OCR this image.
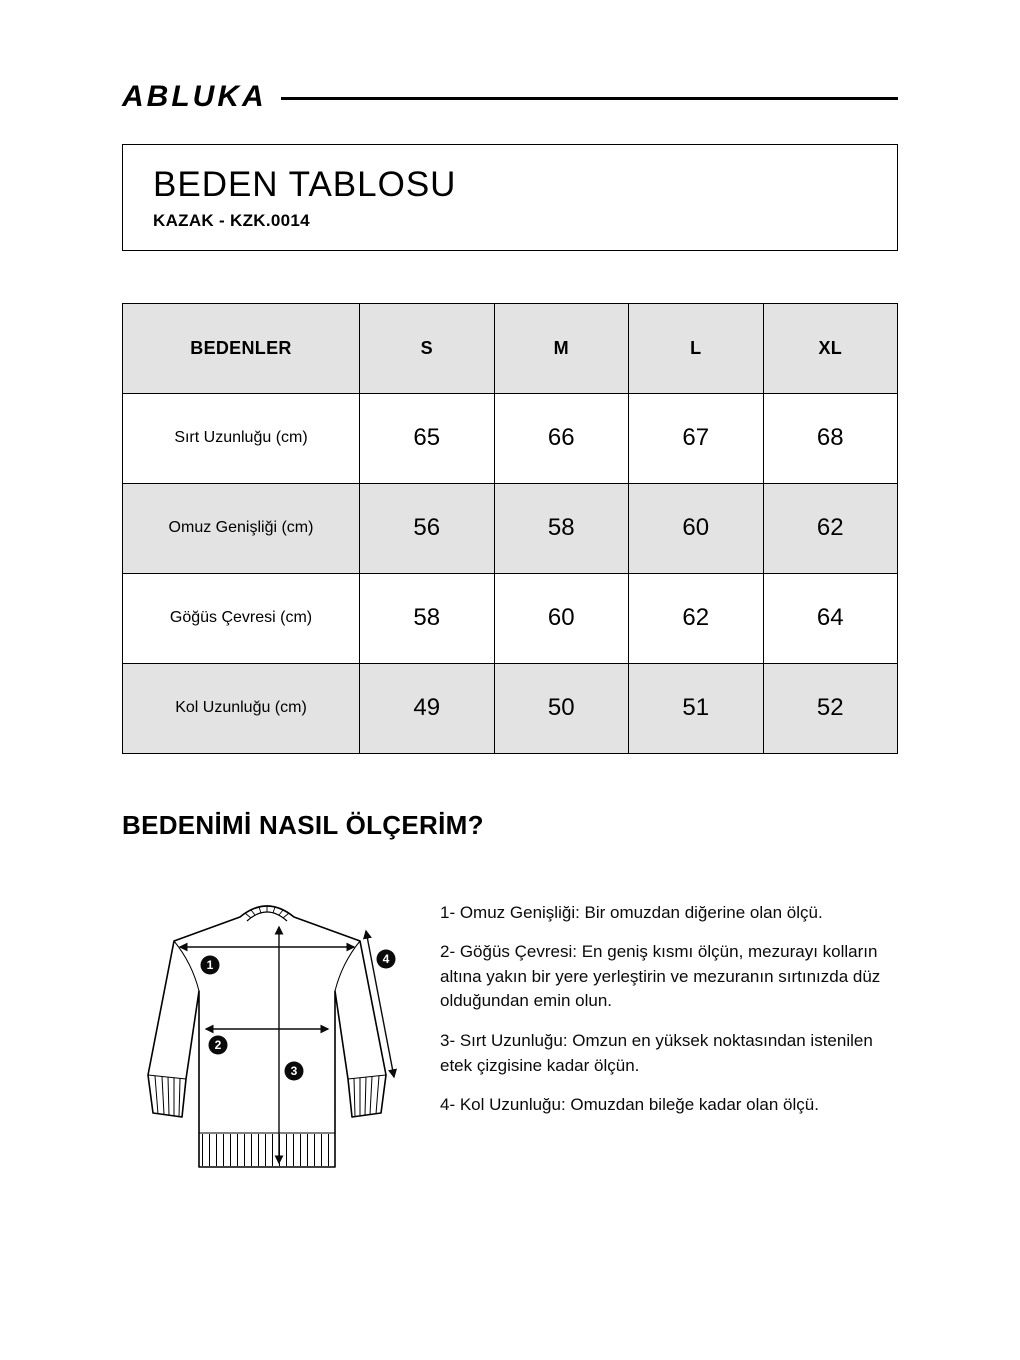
ABLUKA
BEDEN TABLOSU
KAZAK - KZK.0014
BEDENLER	S	M	L	XL
Sırt Uzunluğu (cm)	65	66	67	68
Omuz Genişliği (cm)	56	58	60	62
Göğüs Çevresi (cm)	58	60	62	64
Kol Uzunluğu (cm)	49	50	51	52
BEDENİMİ NASIL ÖLÇERİM?
1
2
3
4

1- Omuz Genişliği: Bir omuzdan diğerine olan ölçü.

2- Göğüs Çevresi: En geniş kısmı ölçün, mezurayı kolların altına yakın bir yere yerleştirin ve mezuranın sırtınızda düz olduğundan emin olun.

3- Sırt Uzunluğu: Omzun en yüksek noktasından istenilen etek çizgisine kadar ölçün.

4- Kol Uzunluğu: Omuzdan bileğe kadar olan ölçü.
